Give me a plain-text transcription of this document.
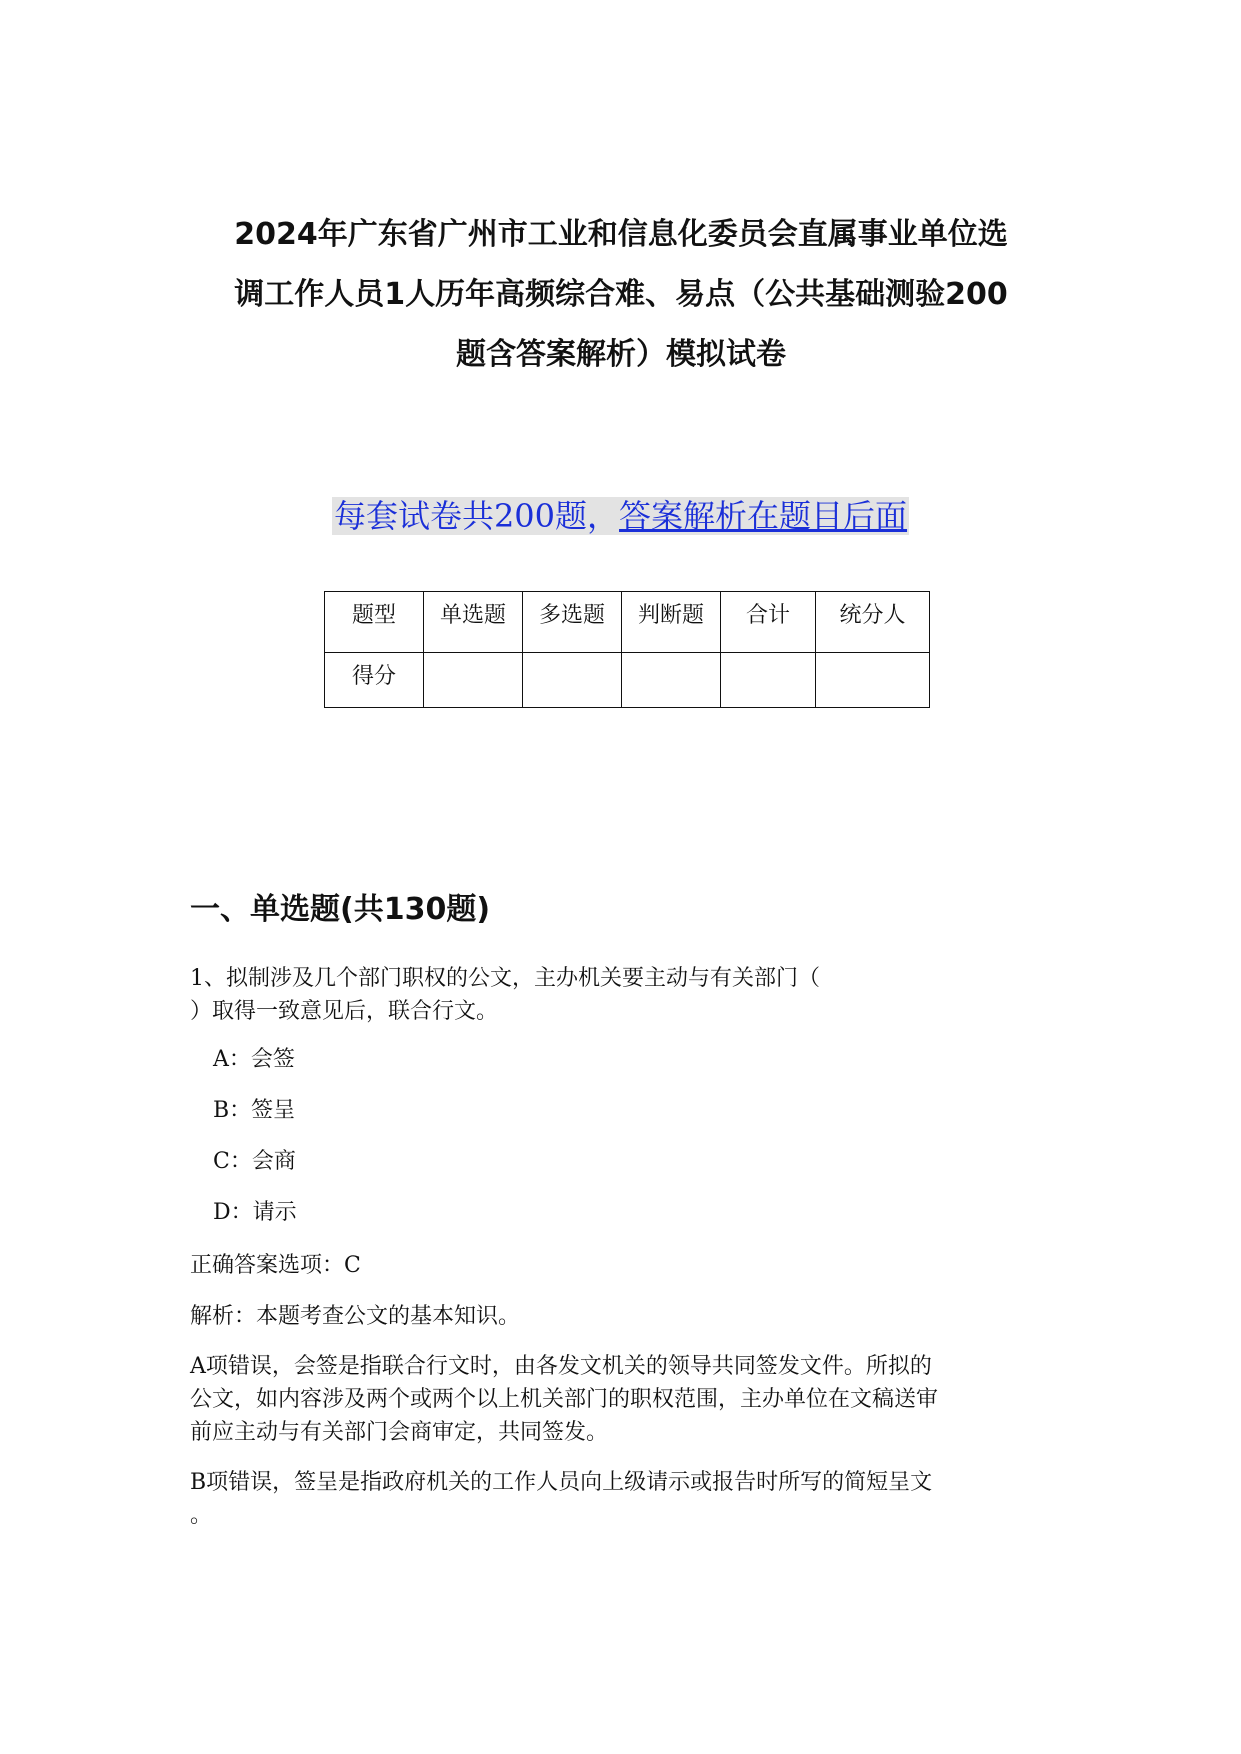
2024年广东省广州市工业和信息化委员会直属事业单位选
调工作人员1人历年高频综合难、易点（公共基础测验200
题含答案解析）模拟试卷
每套试卷共200题，答案解析在题目后面
题型	单选题	多选题	判断题	合计	统分人
得分					
一、单选题(共130题)
1、拟制涉及几个部门职权的公文，主办机关要主动与有关部门（
）取得一致意见后，联合行文。
A：会签
B：签呈
C：会商
D：请示
正确答案选项：C
解析：本题考查公文的基本知识。
A项错误，会签是指联合行文时，由各发文机关的领导共同签发文件。所拟的
公文，如内容涉及两个或两个以上机关部门的职权范围，主办单位在文稿送审
前应主动与有关部门会商审定，共同签发。
B项错误，签呈是指政府机关的工作人员向上级请示或报告时所写的简短呈文
。
